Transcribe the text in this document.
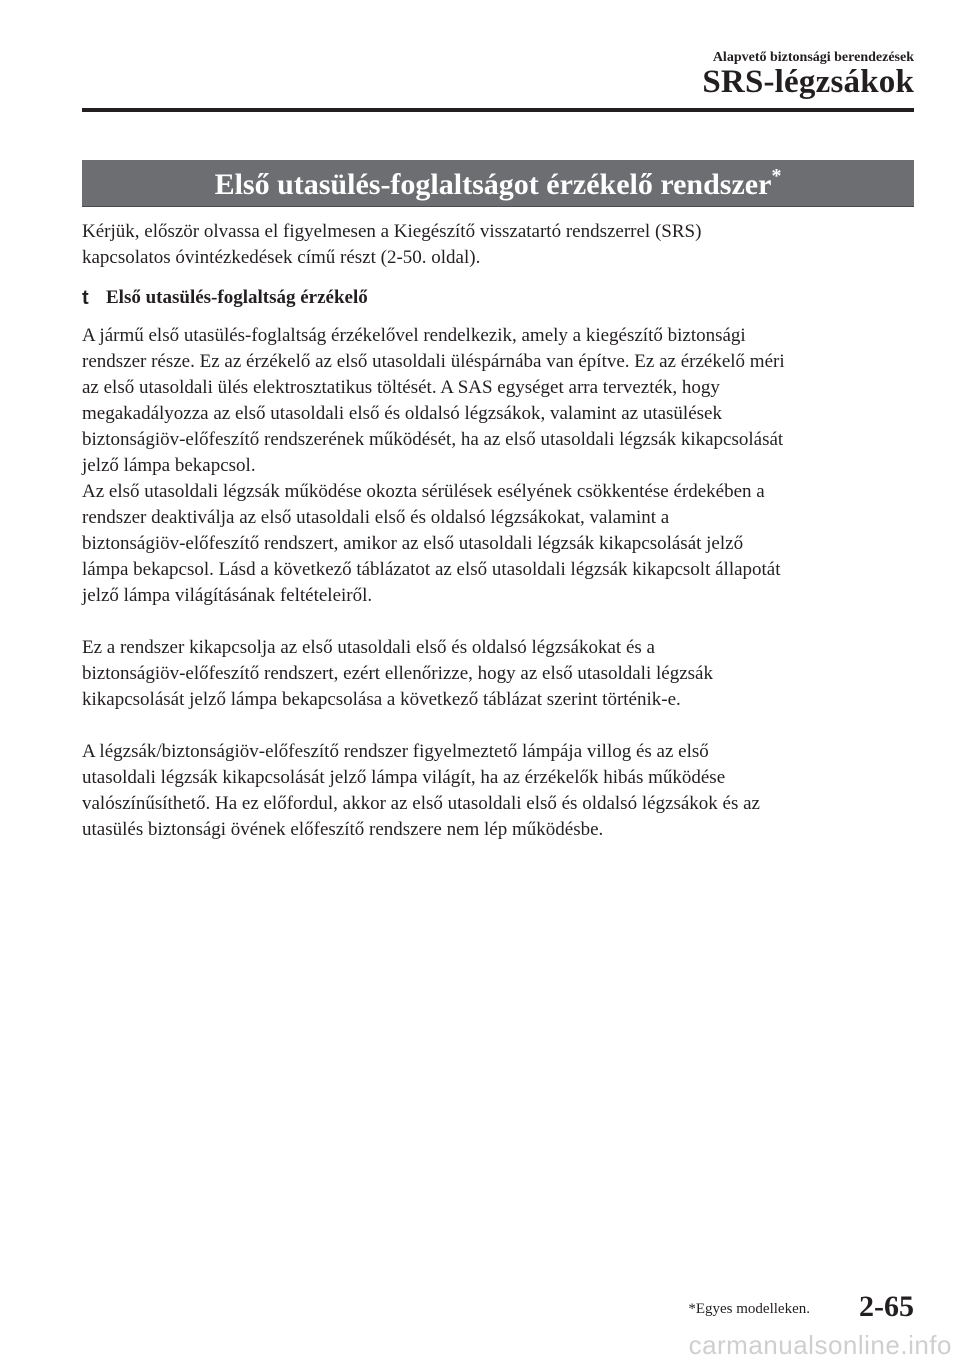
Alapvető biztonsági berendezések
SRS-légzsákok
Első utasülés-foglaltságot érzékelő rendszer*

Kérjük, először olvassa el figyelmesen a Kiegészítő visszatartó rendszerrel (SRS)

kapcsolatos óvintézkedések című részt (2-50. oldal).

t Első utasülés-foglaltság érzékelő

A jármű első utasülés-foglaltság érzékelővel rendelkezik, amely a kiegészítő biztonsági

rendszer része. Ez az érzékelő az első utasoldali üléspárnába van építve. Ez az érzékelő méri

az első utasoldali ülés elektrosztatikus töltését. A SAS egységet arra tervezték, hogy

megakadályozza az első utasoldali első és oldalsó légzsákok, valamint az utasülések

biztonságiöv-előfeszítő rendszerének működését, ha az első utasoldali légzsák kikapcsolását

jelző lámpa bekapcsol.

Az első utasoldali légzsák működése okozta sérülések esélyének csökkentése érdekében a

rendszer deaktiválja az első utasoldali első és oldalsó légzsákokat, valamint a

biztonságiöv-előfeszítő rendszert, amikor az első utasoldali légzsák kikapcsolását jelző

lámpa bekapcsol. Lásd a következő táblázatot az első utasoldali légzsák kikapcsolt állapotát

jelző lámpa világításának feltételeiről.

Ez a rendszer kikapcsolja az első utasoldali első és oldalsó légzsákokat és a

biztonságiöv-előfeszítő rendszert, ezért ellenőrizze, hogy az első utasoldali légzsák

kikapcsolását jelző lámpa bekapcsolása a következő táblázat szerint történik-e.

A légzsák/biztonságiöv-előfeszítő rendszer figyelmeztető lámpája villog és az első

utasoldali légzsák kikapcsolását jelző lámpa világít, ha az érzékelők hibás működése

valószínűsíthető. Ha ez előfordul, akkor az első utasoldali első és oldalsó légzsákok és az

utasülés biztonsági övének előfeszítő rendszere nem lép működésbe.

*Egyes modelleken. 2-65
carmanualsonline.info
